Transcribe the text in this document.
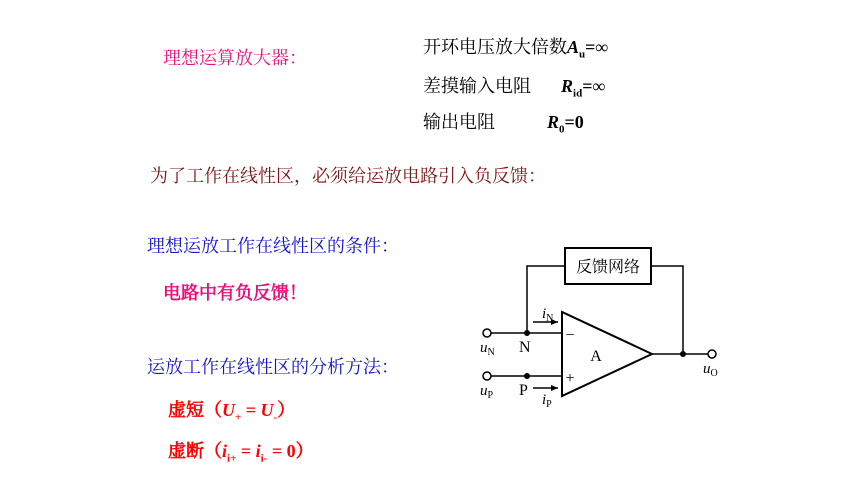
理想运算放大器：
开环电压放大倍数$A_u=\infty$
差摸输入电阻 $R_{id}=\infty$
输出电阻	$R_0=0$
为了工作在线性区，必须给运放电路引入负反馈：
理想运放工作在线性区的条件：
电路中有负反馈！
运放工作在线性区的分析方法：
虚短$(U_+ = U_-)$
虚断$(i_{i+} = i_{i-} = 0)$
反馈网络
A
−
+
$i_N$
$i_P$
$u_N$
$u_P$
$u_O$
N
P
